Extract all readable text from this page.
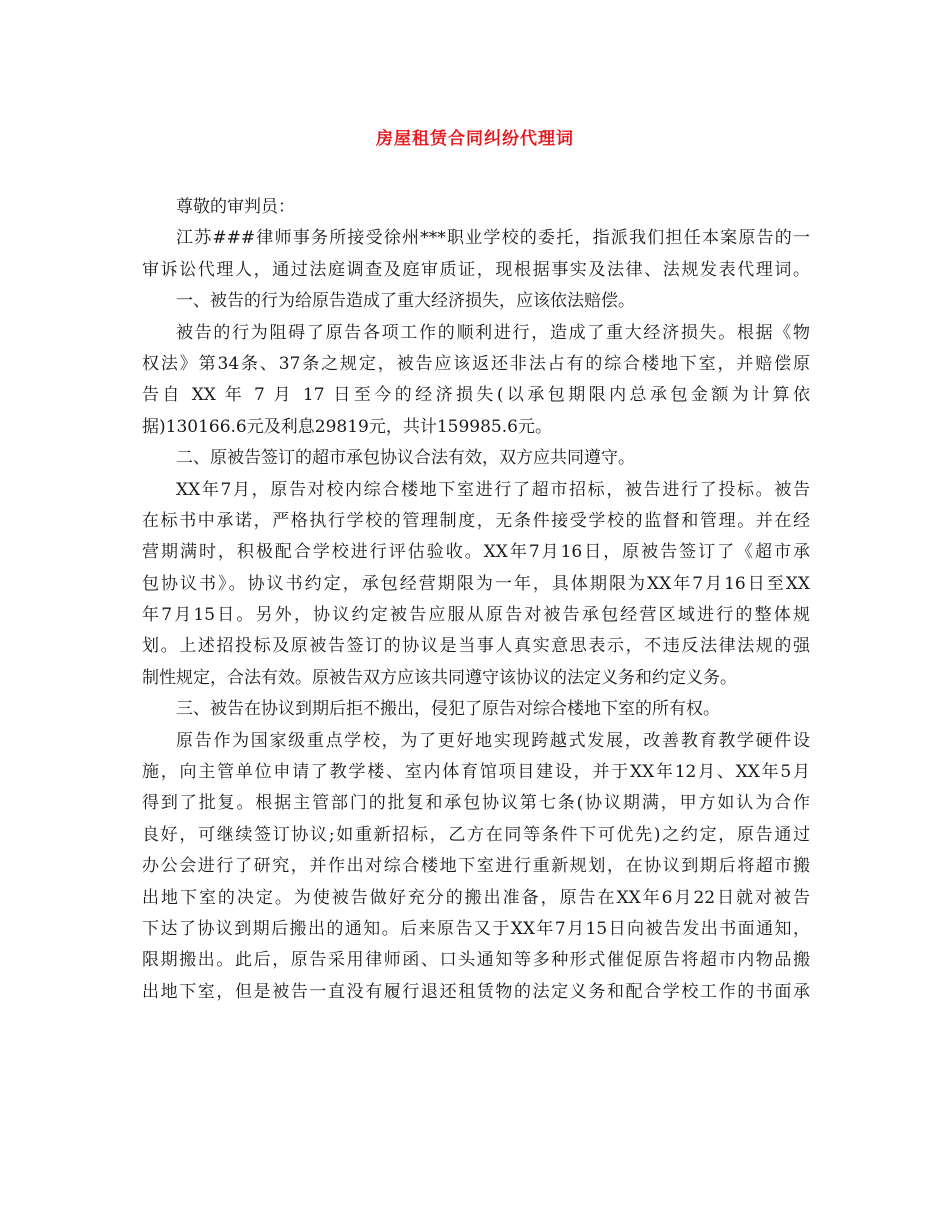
房屋租赁合同纠纷代理词
尊敬的审判员：
江苏###律师事务所接受徐州***职业学校的委托，指派我们担任本案原告的一
审诉讼代理人，通过法庭调查及庭审质证，现根据事实及法律、法规发表代理词。
一、被告的行为给原告造成了重大经济损失，应该依法赔偿。
被告的行为阻碍了原告各项工作的顺利进行，造成了重大经济损失。根据《物
权法》第34条、37条之规定，被告应该返还非法占有的综合楼地下室，并赔偿原
告自 XX 年 7 月 17 日至今的经济损失(以承包期限内总承包金额为计算依
据)130166.6元及利息29819元，共计159985.6元。
二、原被告签订的超市承包协议合法有效，双方应共同遵守。
XX年7月，原告对校内综合楼地下室进行了超市招标，被告进行了投标。被告
在标书中承诺，严格执行学校的管理制度，无条件接受学校的监督和管理。并在经
营期满时，积极配合学校进行评估验收。XX年7月16日，原被告签订了《超市承
包协议书》。协议书约定，承包经营期限为一年，具体期限为XX年7月16日至XX
年7月15日。另外，协议约定被告应服从原告对被告承包经营区域进行的整体规
划。上述招投标及原被告签订的协议是当事人真实意思表示，不违反法律法规的强
制性规定，合法有效。原被告双方应该共同遵守该协议的法定义务和约定义务。
三、被告在协议到期后拒不搬出，侵犯了原告对综合楼地下室的所有权。
原告作为国家级重点学校，为了更好地实现跨越式发展，改善教育教学硬件设
施，向主管单位申请了教学楼、室内体育馆项目建设，并于XX年12月、XX年5月
得到了批复。根据主管部门的批复和承包协议第七条(协议期满，甲方如认为合作
良好，可继续签订协议;如重新招标，乙方在同等条件下可优先)之约定，原告通过
办公会进行了研究，并作出对综合楼地下室进行重新规划，在协议到期后将超市搬
出地下室的决定。为使被告做好充分的搬出准备，原告在XX年6月22日就对被告
下达了协议到期后搬出的通知。后来原告又于XX年7月15日向被告发出书面通知，
限期搬出。此后，原告采用律师函、口头通知等多种形式催促原告将超市内物品搬
出地下室，但是被告一直没有履行退还租赁物的法定义务和配合学校工作的书面承
